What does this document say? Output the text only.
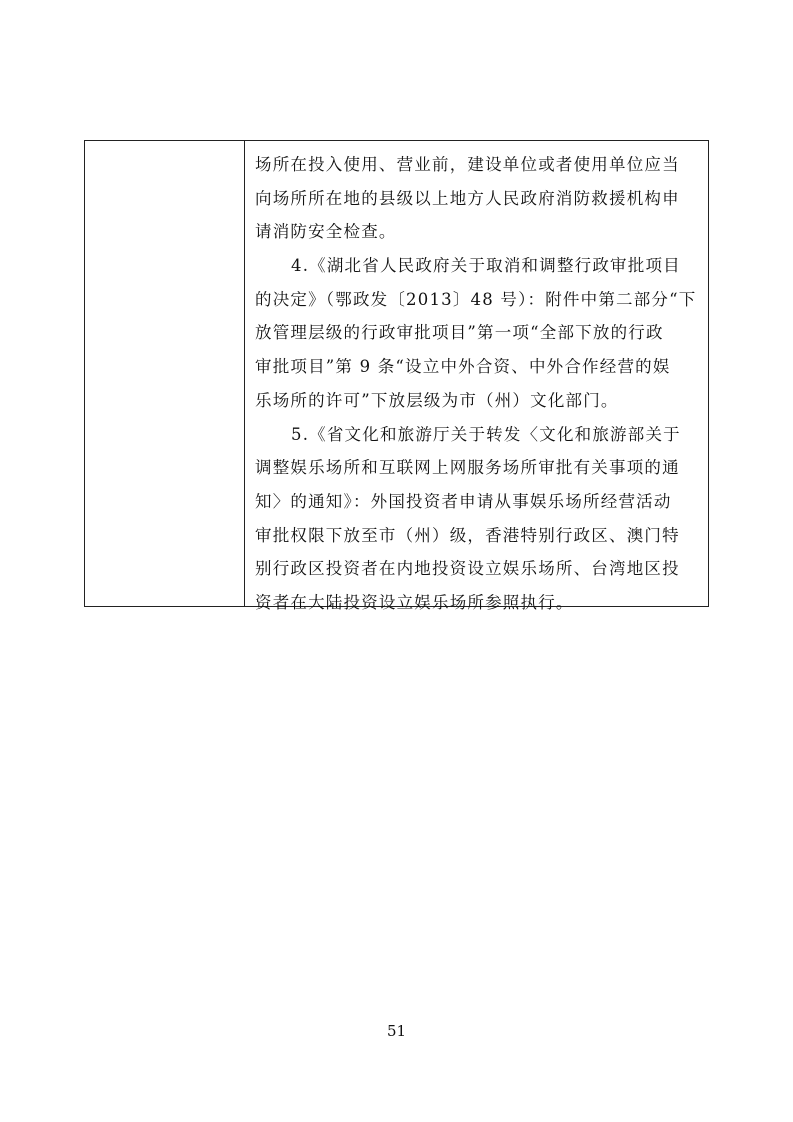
场所在投入使用、营业前，建设单位或者使用单位应当
向场所所在地的县级以上地方人民政府消防救援机构申
请消防安全检查。
4.《湖北省人民政府关于取消和调整行政审批项目
的决定》（鄂政发〔2013〕48 号）：附件中第二部分“下
放管理层级的行政审批项目”第一项“全部下放的行政
审批项目”第 9 条“设立中外合资、中外合作经营的娱
乐场所的许可”下放层级为市（州）文化部门。
5.《省文化和旅游厅关于转发〈文化和旅游部关于
调整娱乐场所和互联网上网服务场所审批有关事项的通
知〉的通知》：外国投资者申请从事娱乐场所经营活动
审批权限下放至市（州）级，香港特别行政区、澳门特
别行政区投资者在内地投资设立娱乐场所、台湾地区投
资者在大陆投资设立娱乐场所参照执行。
51
